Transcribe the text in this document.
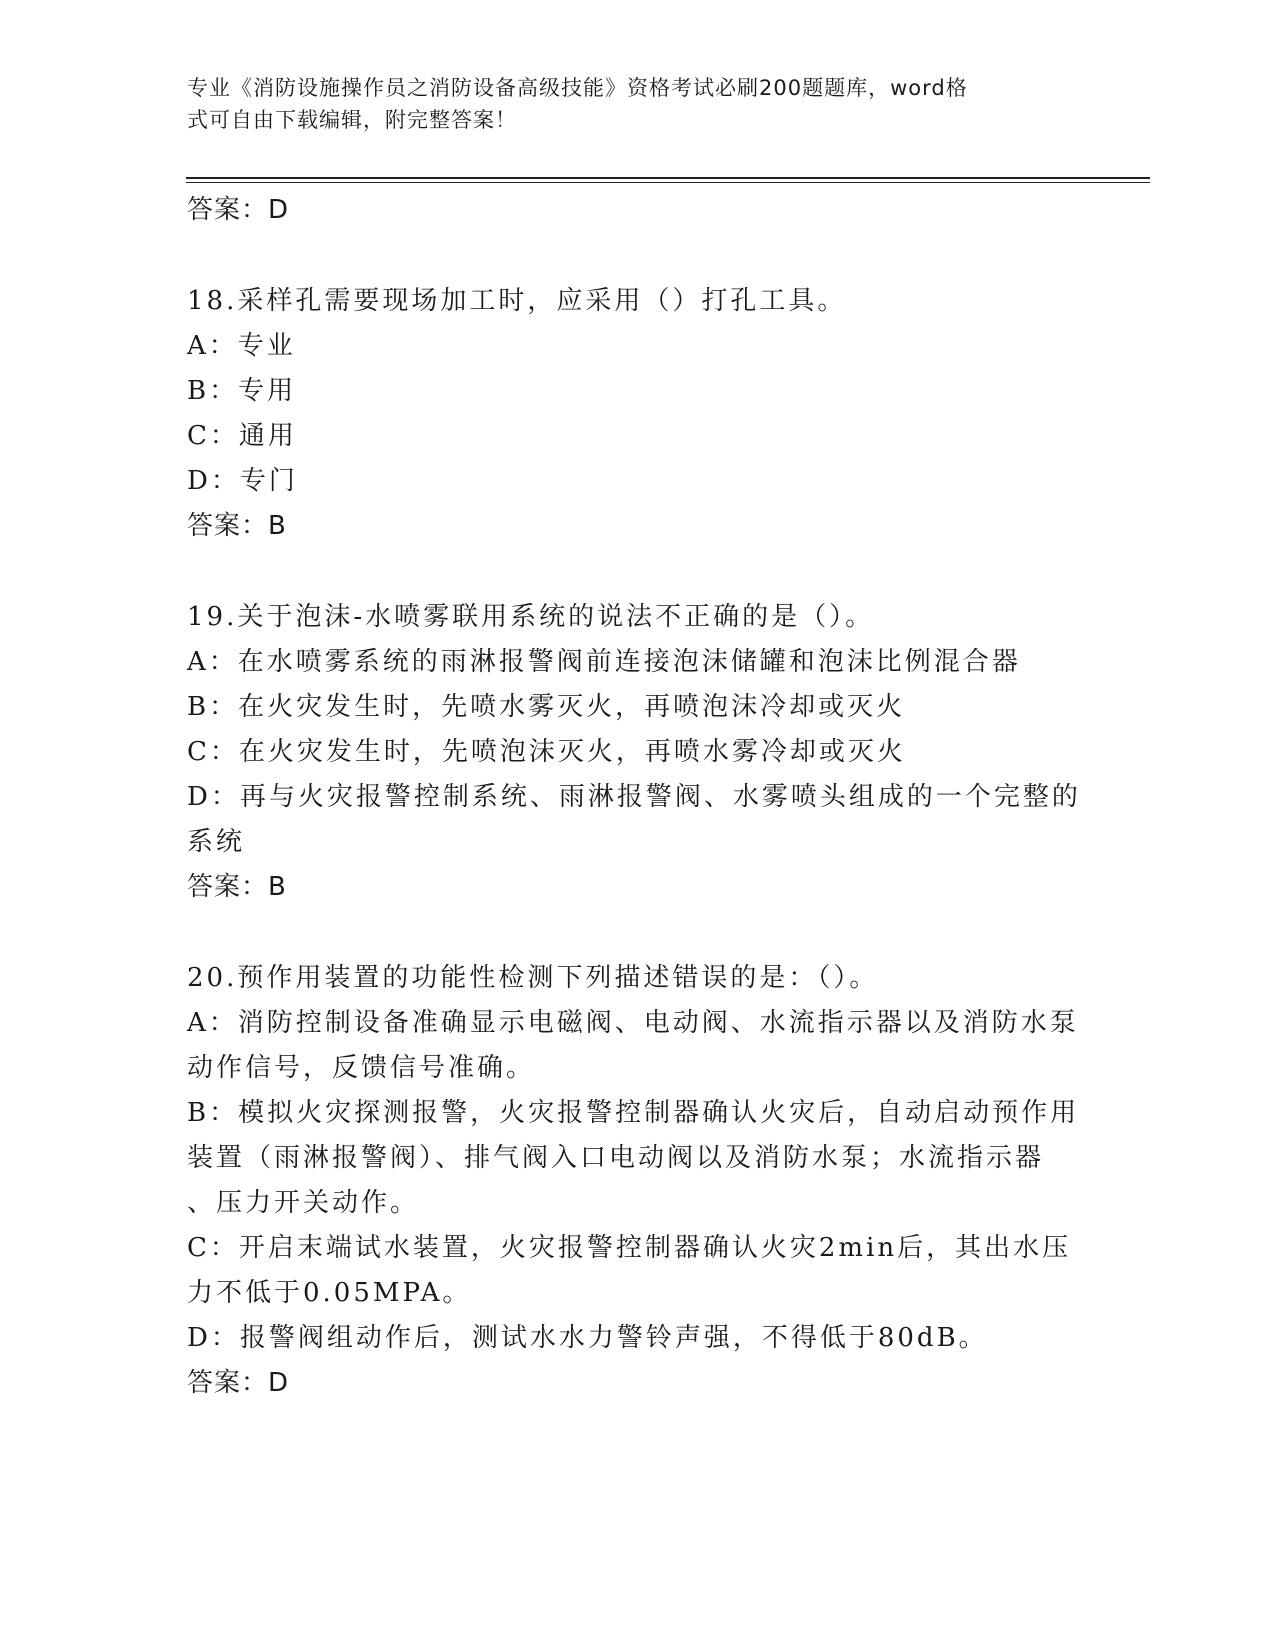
专业《消防设施操作员之消防设备高级技能》资格考试必刷200题题库，word格
式可自由下载编辑，附完整答案！
答案：D
18.采样孔需要现场加工时，应采用（）打孔工具。
A：专业
B：专用
C：通用
D：专门
答案：B
19.关于泡沫-水喷雾联用系统的说法不正确的是（）。
A：在水喷雾系统的雨淋报警阀前连接泡沫储罐和泡沫比例混合器
B：在火灾发生时，先喷水雾灭火，再喷泡沫冷却或灭火
C：在火灾发生时，先喷泡沫灭火，再喷水雾冷却或灭火
D：再与火灾报警控制系统、雨淋报警阀、水雾喷头组成的一个完整的
系统
答案：B
20.预作用装置的功能性检测下列描述错误的是：（）。
A：消防控制设备准确显示电磁阀、电动阀、水流指示器以及消防水泵
动作信号，反馈信号准确。
B：模拟火灾探测报警，火灾报警控制器确认火灾后，自动启动预作用
装置（雨淋报警阀）、排气阀入口电动阀以及消防水泵；水流指示器
、压力开关动作。
C：开启末端试水装置，火灾报警控制器确认火灾2min后，其出水压
力不低于0.05MPA。
D：报警阀组动作后，测试水水力警铃声强，不得低于80dB。
答案：D
